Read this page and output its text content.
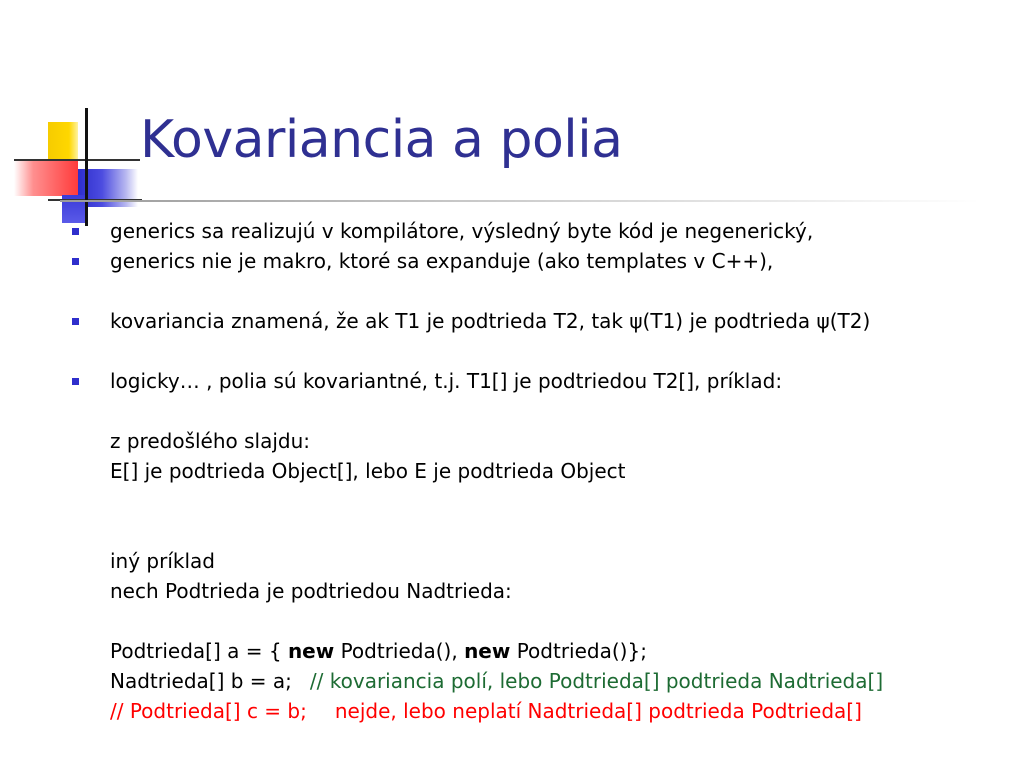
Kovariancia a polia
generics sa realizujú v kompilátore, výsledný byte kód je negenerický,
generics nie je makro, ktoré sa expanduje (ako templates v C++),
kovariancia znamená, že ak T1 je podtrieda T2, tak ψ(T1) je podtrieda ψ(T2)
logicky… , polia sú kovariantné, t.j. T1[] je podtriedou T2[], príklad:
z predošlého slajdu:
E[] je podtrieda Object[], lebo E je podtrieda Object
iný príklad
nech Podtrieda je podtriedou Nadtrieda:
Podtrieda[] a = { new Podtrieda(), new Podtrieda()};
Nadtrieda[] b = a; // kovariancia polí, lebo Podtrieda[] podtrieda Nadtrieda[]
// Podtrieda[] c = b; nejde, lebo neplatí Nadtrieda[] podtrieda Podtrieda[]
